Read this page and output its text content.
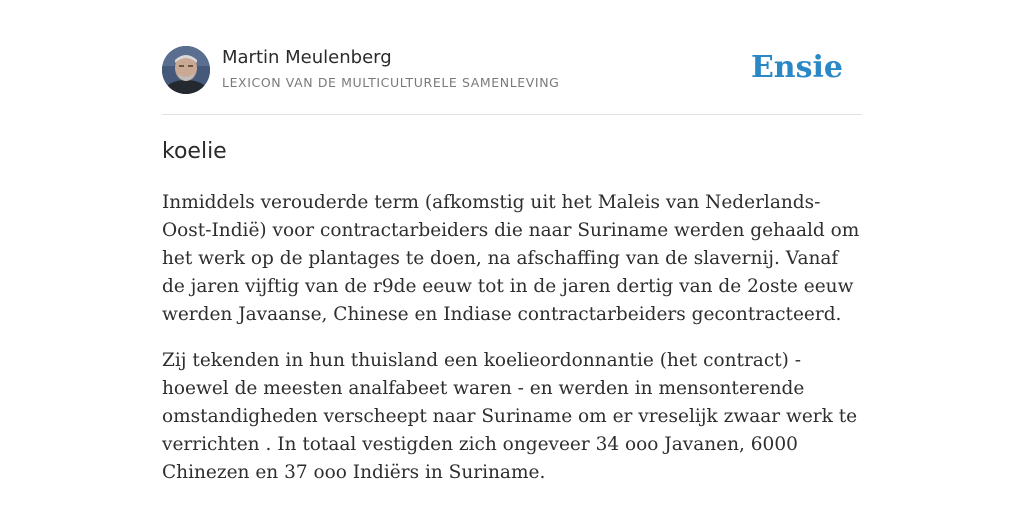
Martin Meulenberg
LEXICON VAN DE MULTICULTURELE SAMENLEVING	Ensie
koelie

Inmiddels verouderde term (afkomstig uit het Maleis van Nederlands-Oost-Indië) voor contractarbeiders die naar Suriname werden gehaald om het werk op de plantages te doen, na afschaffing van de slavernij. Vanaf de jaren vijftig van de r9de eeuw tot in de jaren dertig van de 2oste eeuw werden Javaanse, Chinese en Indiase contractarbeiders gecontracteerd.

Zij tekenden in hun thuisland een koelieordonnantie (het contract) - hoewel de meesten analfabeet waren - en werden in mensonterende omstandigheden verscheept naar Suriname om er vreselijk zwaar werk te verrichten . In totaal vestigden zich ongeveer 34 ooo Javanen, 6000 Chinezen en 37 ooo Indiërs in Suriname.
